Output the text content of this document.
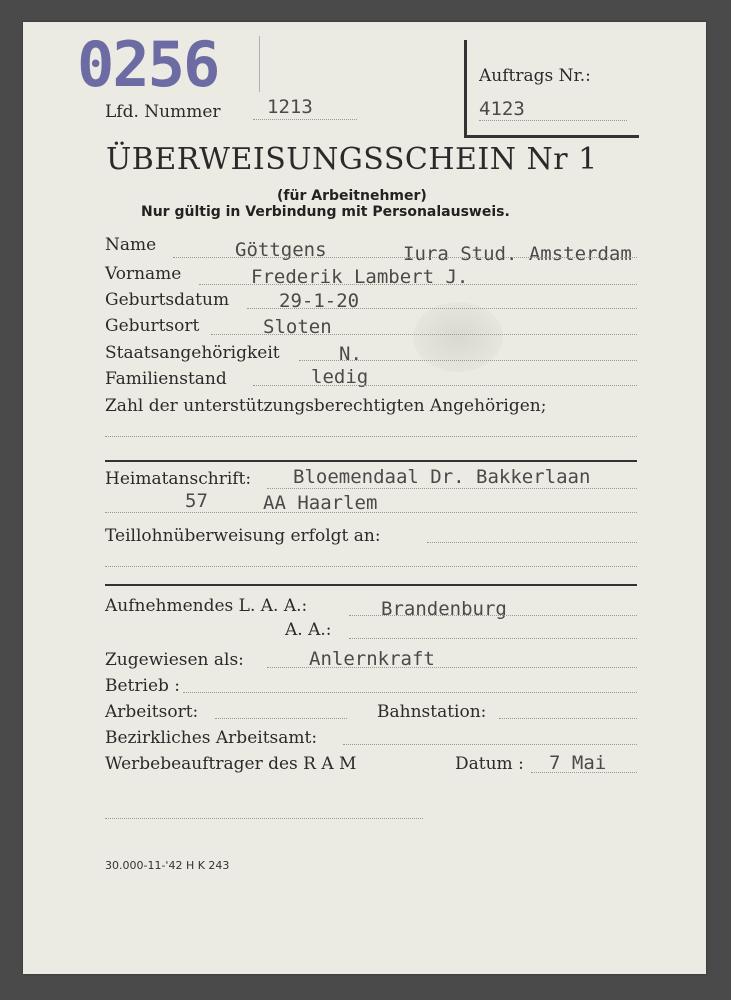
0256
Lfd. Nummer 1213
Auftrags Nr.:
4123
ÜBERWEISUNGSSCHEIN Nr 1
(für Arbeitnehmer)
Nur gültig in Verbindung mit Personalausweis.
Name	Göttgens	Iura Stud. Amsterdam
Vorname	Frederik Lambert J.
Geburtsdatum	29-1-20
Geburtsort	Sloten
Staatsangehörigkeit	N.
Familienstand	ledig
Zahl der unterstützungsberechtigten Angehörigen;
Heimatanschrift: Bloemendaal Dr. Bakkerlaan
57	AA Haarlem
Teillohnüberweisung erfolgt an:
Aufnehmendes L. A. A.:	Brandenburg
A. A.:
Zugewiesen als:	Anlernkraft
Betrieb :
Arbeitsort:	Bahnstation:
Bezirkliches Arbeitsamt:
Werbebeauftrager des R A M	Datum : 7 Mai
30.000-11-'42 H K 243
